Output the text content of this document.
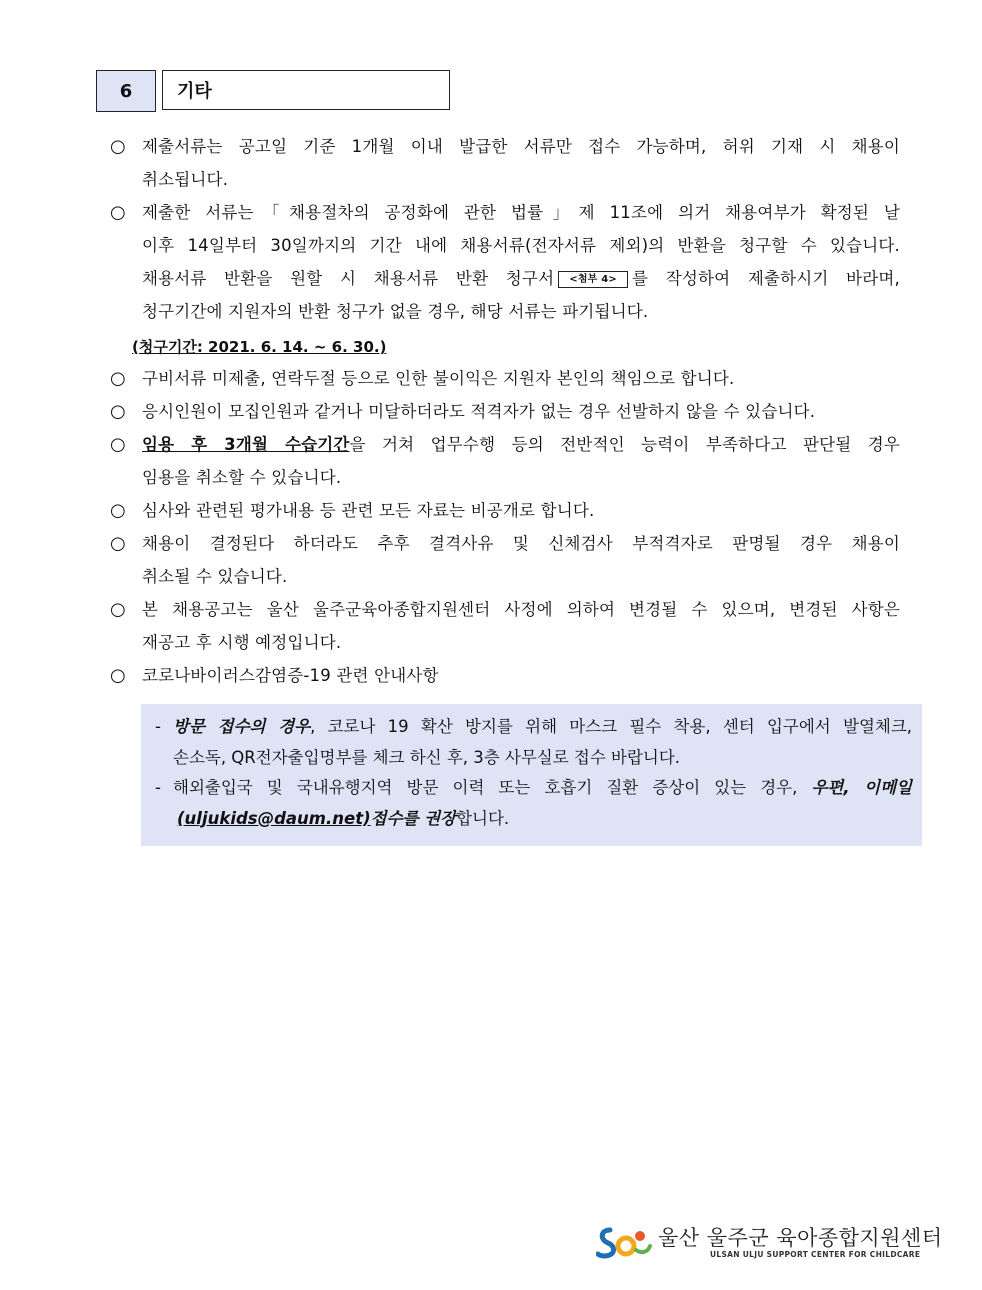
6	기타
○ 제출서류는 공고일 기준 1개월 이내 발급한 서류만 접수 가능하며, 허위 기재 시 채용이
취소됩니다.
○ 제출한 서류는「채용절차의 공정화에 관한 법률」제 11조에 의거 채용여부가 확정된 날
이후 14일부터 30일까지의 기간 내에 채용서류(전자서류 제외)의 반환을 청구할 수 있습니다.
채용서류 반환을 원할 시 채용서류 반환 청구서 <첨부 4> 를 작성하여 제출하시기 바라며,
청구기간에 지원자의 반환 청구가 없을 경우, 해당 서류는 파기됩니다.
○ 구비서류 미제출, 연락두절 등으로 인한 불이익은 지원자 본인의 책임으로 합니다.
○ 응시인원이 모집인원과 같거나 미달하더라도 적격자가 없는 경우 선발하지 않을 수 있습니다.
○ 임용 후 3개월 수습기간을 거쳐 업무수행 등의 전반적인 능력이 부족하다고 판단될 경우
임용을 취소할 수 있습니다.
○ 심사와 관련된 평가내용 등 관련 모든 자료는 비공개로 합니다.
○ 채용이 결정된다 하더라도 추후 결격사유 및 신체검사 부적격자로 판명될 경우 채용이
취소될 수 있습니다.
○ 본 채용공고는 울산 울주군육아종합지원센터 사정에 의하여 변경될 수 있으며, 변경된 사항은
재공고 후 시행 예정입니다.
○ 코로나바이러스감염증-19 관련 안내사항
(청구기간: 2021. 6. 14. ~ 6. 30.)
- 방문 접수의 경우, 코로나 19 확산 방지를 위해 마스크 필수 착용, 센터 입구에서 발열체크,
손소독, QR전자출입명부를 체크 하신 후, 3층 사무실로 접수 바랍니다.
- 해외출입국 및 국내유행지역 방문 이력 또는 호흡기 질환 증상이 있는 경우, 우편, 이메일
(uljukids@daum.net)접수를 권장합니다.
울산 울주군 육아종합지원센터
ULSAN ULJU SUPPORT CENTER FOR CHILDCARE
